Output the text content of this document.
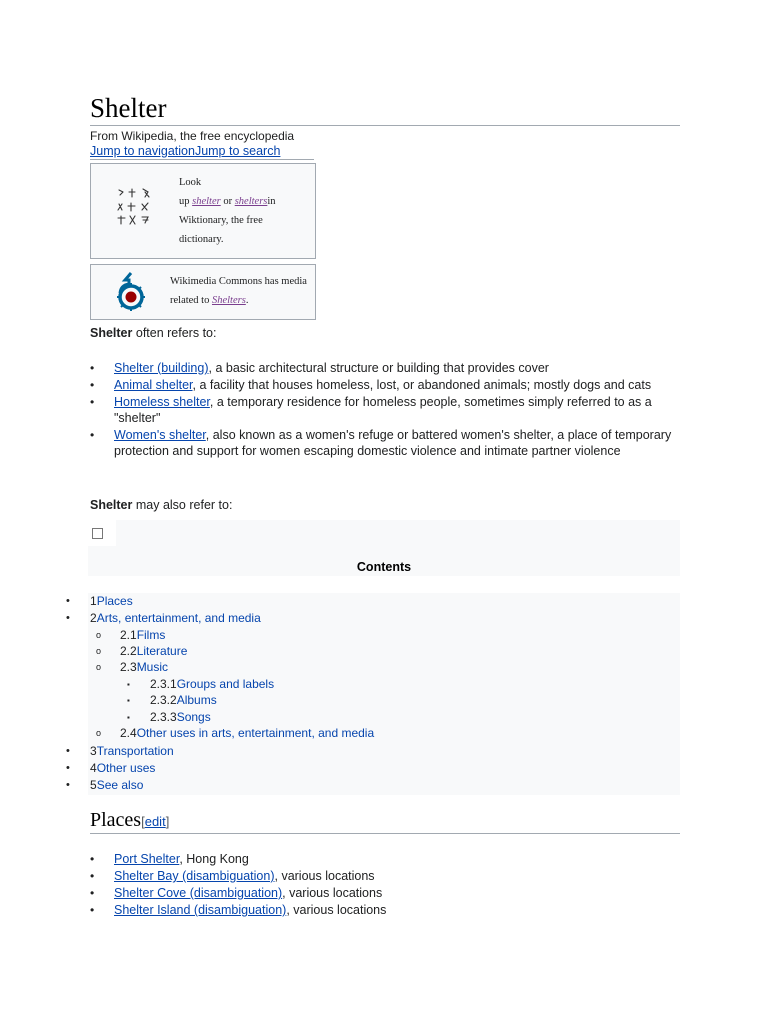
Shelter
From Wikipedia, the free encyclopedia
Jump to navigationJump to search
Look
up shelter or sheltersin Wiktionary, the free dictionary.
Wikimedia Commons has media related to Shelters.
Shelter often refers to:
• Shelter (building), a basic architectural structure or building that provides cover
• Animal shelter, a facility that houses homeless, lost, or abandoned animals; mostly dogs and cats
• Homeless shelter, a temporary residence for homeless people, sometimes simply referred to as a "shelter"
• Women's shelter, also known as a women's refuge or battered women's shelter, a place of temporary protection and support for women escaping domestic violence and intimate partner violence
Shelter may also refer to:
Contents
• 1Places
• 2Arts, entertainment, and media
o 2.1Films
o 2.2Literature
o 2.3Music
▪ 2.3.1Groups and labels
▪ 2.3.2Albums
▪ 2.3.3Songs
o 2.4Other uses in arts, entertainment, and media
• 3Transportation
• 4Other uses
• 5See also
Places[edit]
• Port Shelter, Hong Kong
• Shelter Bay (disambiguation), various locations
• Shelter Cove (disambiguation), various locations
• Shelter Island (disambiguation), various locations
